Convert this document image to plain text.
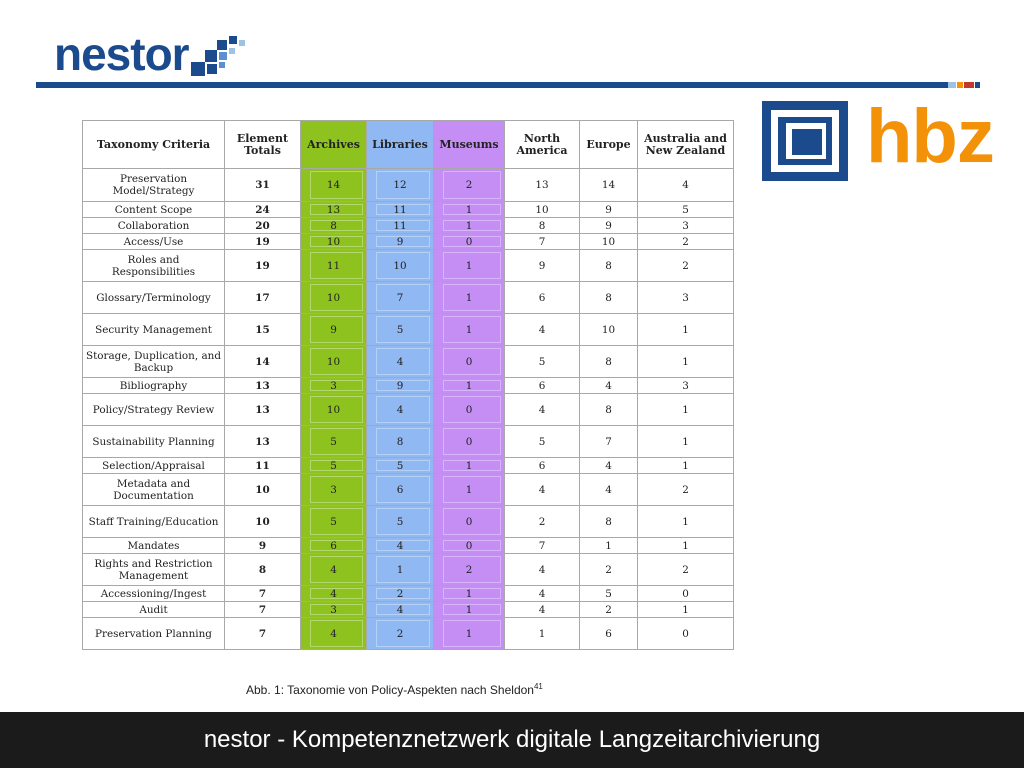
nestor
hbz
Taxonomy Criteria	Element Totals	Archives	Libraries	Museums	North America	Europe	Australia and New Zealand
Preservation Model/Strategy	31	14	12	2	13	14	4
Content Scope	24	13	11	1	10	9	5
Collaboration	20	8	11	1	8	9	3
Access/Use	19	10	9	0	7	10	2
Roles and Responsibilities	19	11	10	1	9	8	2
Glossary/Terminology	17	10	7	1	6	8	3
Security Management	15	9	5	1	4	10	1
Storage, Duplication, and Backup	14	10	4	0	5	8	1
Bibliography	13	3	9	1	6	4	3
Policy/Strategy Review	13	10	4	0	4	8	1
Sustainability Planning	13	5	8	0	5	7	1
Selection/Appraisal	11	5	5	1	6	4	1
Metadata and Documentation	10	3	6	1	4	4	2
Staff Training/Education	10	5	5	0	2	8	1
Mandates	9	6	4	0	7	1	1
Rights and Restriction Management	8	4	1	2	4	2	2
Accessioning/Ingest	7	4	2	1	4	5	0
Audit	7	3	4	1	4	2	1
Preservation Planning	7	4	2	1	1	6	0
Abb. 1: Taxonomie von Policy-Aspekten nach Sheldon$^{41}$
nestor - Kompetenznetzwerk digitale Langzeitarchivierung
